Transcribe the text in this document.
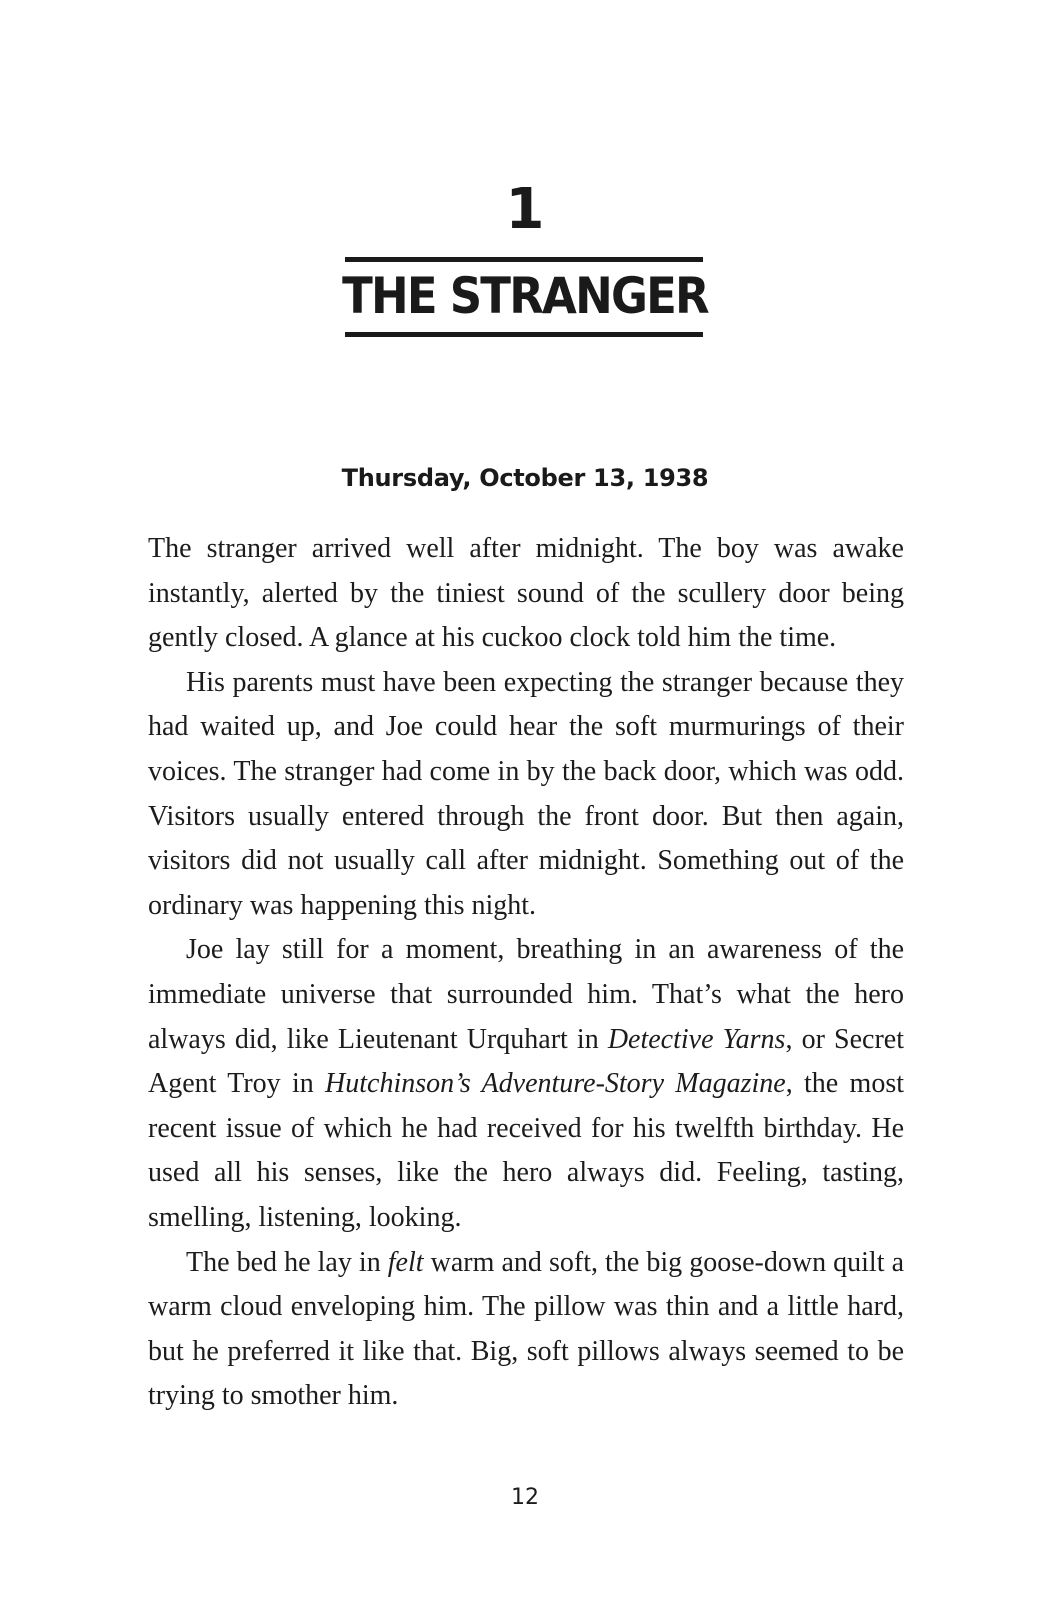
1
THE STRANGER
Thursday, October 13, 1938

The stranger arrived well after midnight. The boy was awake instantly, alerted by the tiniest sound of the scullery door being gently closed. A glance at his cuckoo clock told him the time.

His parents must have been expecting the stranger because they had waited up, and Joe could hear the soft murmurings of their voices. The stranger had come in by the back door, which was odd. Visitors usually entered through the front door. But then again, visitors did not usually call after midnight. Something out of the ordinary was happening this night.

Joe lay still for a moment, breathing in an awareness of the immediate universe that surrounded him. That’s what the hero always did, like Lieutenant Urquhart in Detective Yarns, or Secret Agent Troy in Hutchinson’s Adventure-Story Magazine, the most recent issue of which he had received for his twelfth birthday. He used all his senses, like the hero always did. Feeling, tasting, smelling, listening, looking.

The bed he lay in felt warm and soft, the big goose-down quilt a warm cloud enveloping him. The pillow was thin and a little hard, but he preferred it like that. Big, soft pillows always seemed to be trying to smother him.

12
